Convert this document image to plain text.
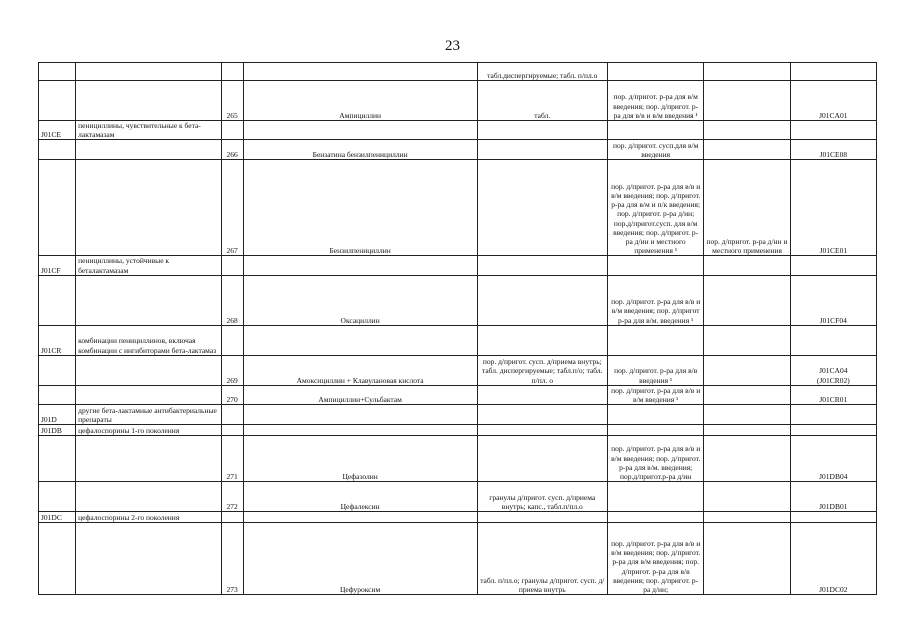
23
				табл.диспергируемые; табл. п/пл.о			
		265	Ампициллин	табл.	пор. д/пригот. р-ра для в/м введения; пор. д/пригот. р-ра для в/в и в/м введения ¹		J01CA01
J01CE	пенициллины, чувствительные к бета-лактамазам						
		266	Бензатина бензилпенициллин		пор. д/пригот. сусп.для в/м введения		J01CE08
		267	Бензилпенициллин		пор. д/пригот. р-ра для в/в и в/м введения; пор. д/пригот. р-ра для в/м и п/к введения; пор. д/пригот. р-ра д/ин; пор.д/пригот.сусп. для в/м введения; пор. д/пригот. р-ра д/ин и местного применения ¹	пор. д/пригот. р-ра д/ин и местного применения	J01CE01
J01CF	пенициллины, устойчивые к беталактамазам						
		268	Оксациллин		пор. д/пригот. р-ра для в/в и в/м введения; пор. д/пригот р-ра для в/м. введения ¹		J01CF04
J01CR	комбинации пенициллинов, включая комбинации с ингибиторами бета-лактамаз						
		269	Амоксициллин + Клавулановая кислота	пор. д/пригот. сусп. д/приема внутрь; табл. диспергируемые; табл.п/о; табл. п/пл. о	пор. д/пригот. р-ра для в/в введения ¹		J01CA04
(J01CR02)
		270	Ампициллин+Сульбактам		пор. д/пригот. р-ра для в/в и в/м введения ¹		J01CR01
J01D	другие бета-лактамные антибактериальные препараты						
J01DB	цефалоспорины 1-го поколения						
		271	Цефазолин		пор. д/пригот. р-ра для в/в и в/м введения; пор. д/пригот. р-ра для в/м. введения; пор.д/пригот.р-ра д/ин		J01DB04
		272	Цефалексин	гранулы д/пригот. сусп. д/приема внутрь; капс., табл.п/пл.о			J01DB01
J01DC	цефалоспорины 2-го поколения						
		273	Цефуроксим	табл. п/пл.о; гранулы д/пригот. сусп. д/приема внутрь	пор. д/пригот. р-ра для в/в и в/м введения; пор. д/пригот. р-ра для в/м введения; пор. д/пригот. р-ра для в/в введения; пор. д/пригот. р-ра д/ин;		J01DC02
